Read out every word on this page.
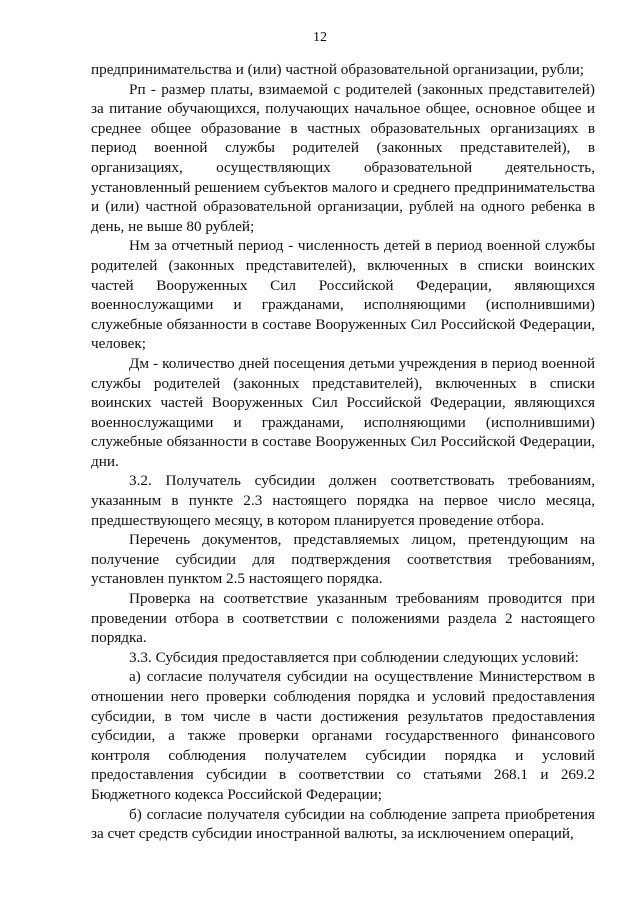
12

предпринимательства и (или) частной образовательной организации, рубли;

Рп - размер платы, взимаемой с родителей (законных представителей) за питание обучающихся, получающих начальное общее, основное общее и среднее общее образование в частных образовательных организациях в период военной службы родителей (законных представителей), в организациях, осуществляющих образовательной деятельность, установленный решением субъектов малого и среднего предпринимательства и (или) частной образовательной организации, рублей на одного ребенка в день, не выше 80 рублей;

Нм за отчетный период - численность детей в период военной службы родителей (законных представителей), включенных в списки воинских частей Вооруженных Сил Российской Федерации, являющихся военнослужащими и гражданами, исполняющими (исполнившими) служебные обязанности в составе Вооруженных Сил Российской Федерации, человек;

Дм - количество дней посещения детьми учреждения в период военной службы родителей (законных представителей), включенных в списки воинских частей Вооруженных Сил Российской Федерации, являющихся военнослужащими и гражданами, исполняющими (исполнившими) служебные обязанности в составе Вооруженных Сил Российской Федерации, дни.

3.2. Получатель субсидии должен соответствовать требованиям, указанным в пункте 2.3 настоящего порядка на первое число месяца, предшествующего месяцу, в котором планируется проведение отбора.

Перечень документов, представляемых лицом, претендующим на получение субсидии для подтверждения соответствия требованиям, установлен пунктом 2.5 настоящего порядка.

Проверка на соответствие указанным требованиям проводится при проведении отбора в соответствии с положениями раздела 2 настоящего порядка.

3.3. Субсидия предоставляется при соблюдении следующих условий:

а) согласие получателя субсидии на осуществление Министерством в отношении него проверки соблюдения порядка и условий предоставления субсидии, в том числе в части достижения результатов предоставления субсидии, а также проверки органами государственного финансового контроля соблюдения получателем субсидии порядка и условий предоставления субсидии в соответствии со статьями 268.1 и 269.2 Бюджетного кодекса Российской Федерации;

б) согласие получателя субсидии на соблюдение запрета приобретения за счет средств субсидии иностранной валюты, за исключением операций,
